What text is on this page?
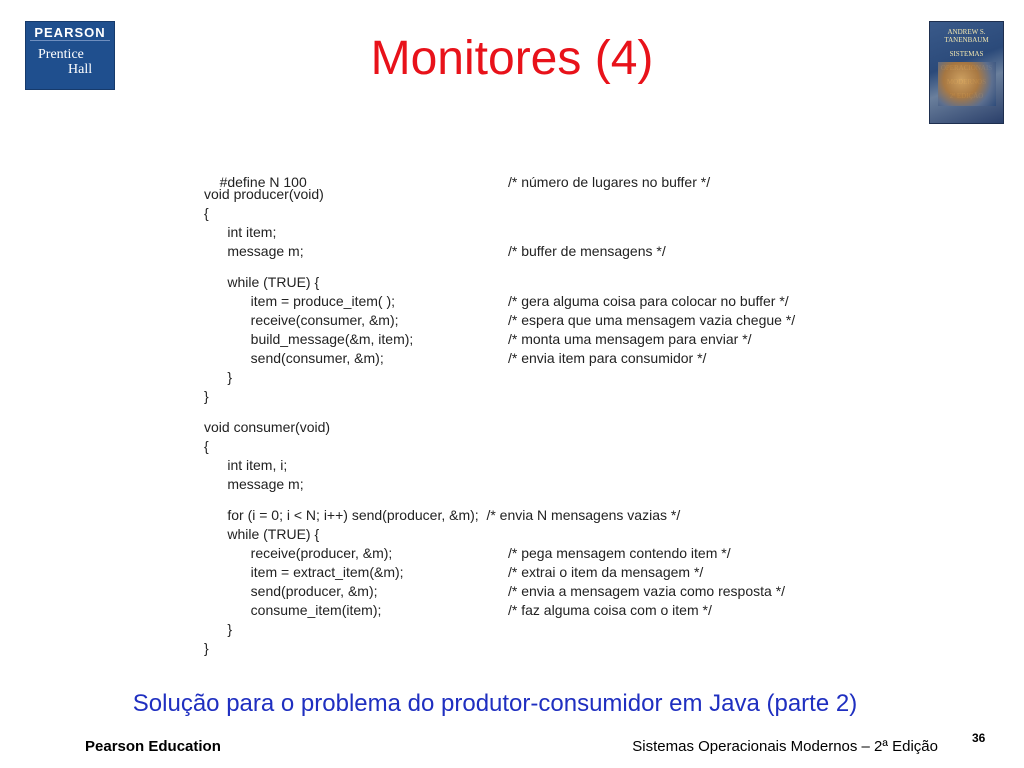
PEARSON
Prentice
Hall	Monitores (4)	ANDREW S. TANENBAUM
SISTEMAS

#define N 100	/* número de lugares no buffer */

void producer(void)
{
int item;
message m;	/* buffer de mensagens */
while (TRUE) {
item = produce_item( );	/* gera alguma coisa para colocar no buffer */
receive(consumer, &m);	/* espera que uma mensagem vazia chegue */
build_message(&m, item);	/* monta uma mensagem para enviar */
send(consumer, &m);	/* envia item para consumidor */
}
}
void consumer(void)
{
int item, i;
message m;
for (i = 0; i < N; i++) send(producer, &m);  /* envia N mensagens vazias */
while (TRUE) {
receive(producer, &m);	/* pega mensagem contendo item */
item = extract_item(&m);	/* extrai o item da mensagem */
send(producer, &m);	/* envia a mensagem vazia como resposta */
consume_item(item);	/* faz alguma coisa com o item */
}
}
Solução para o problema do produtor-consumidor em Java (parte 2)
Pearson Education	Sistemas Operacionais Modernos – 2ª Edição	36
